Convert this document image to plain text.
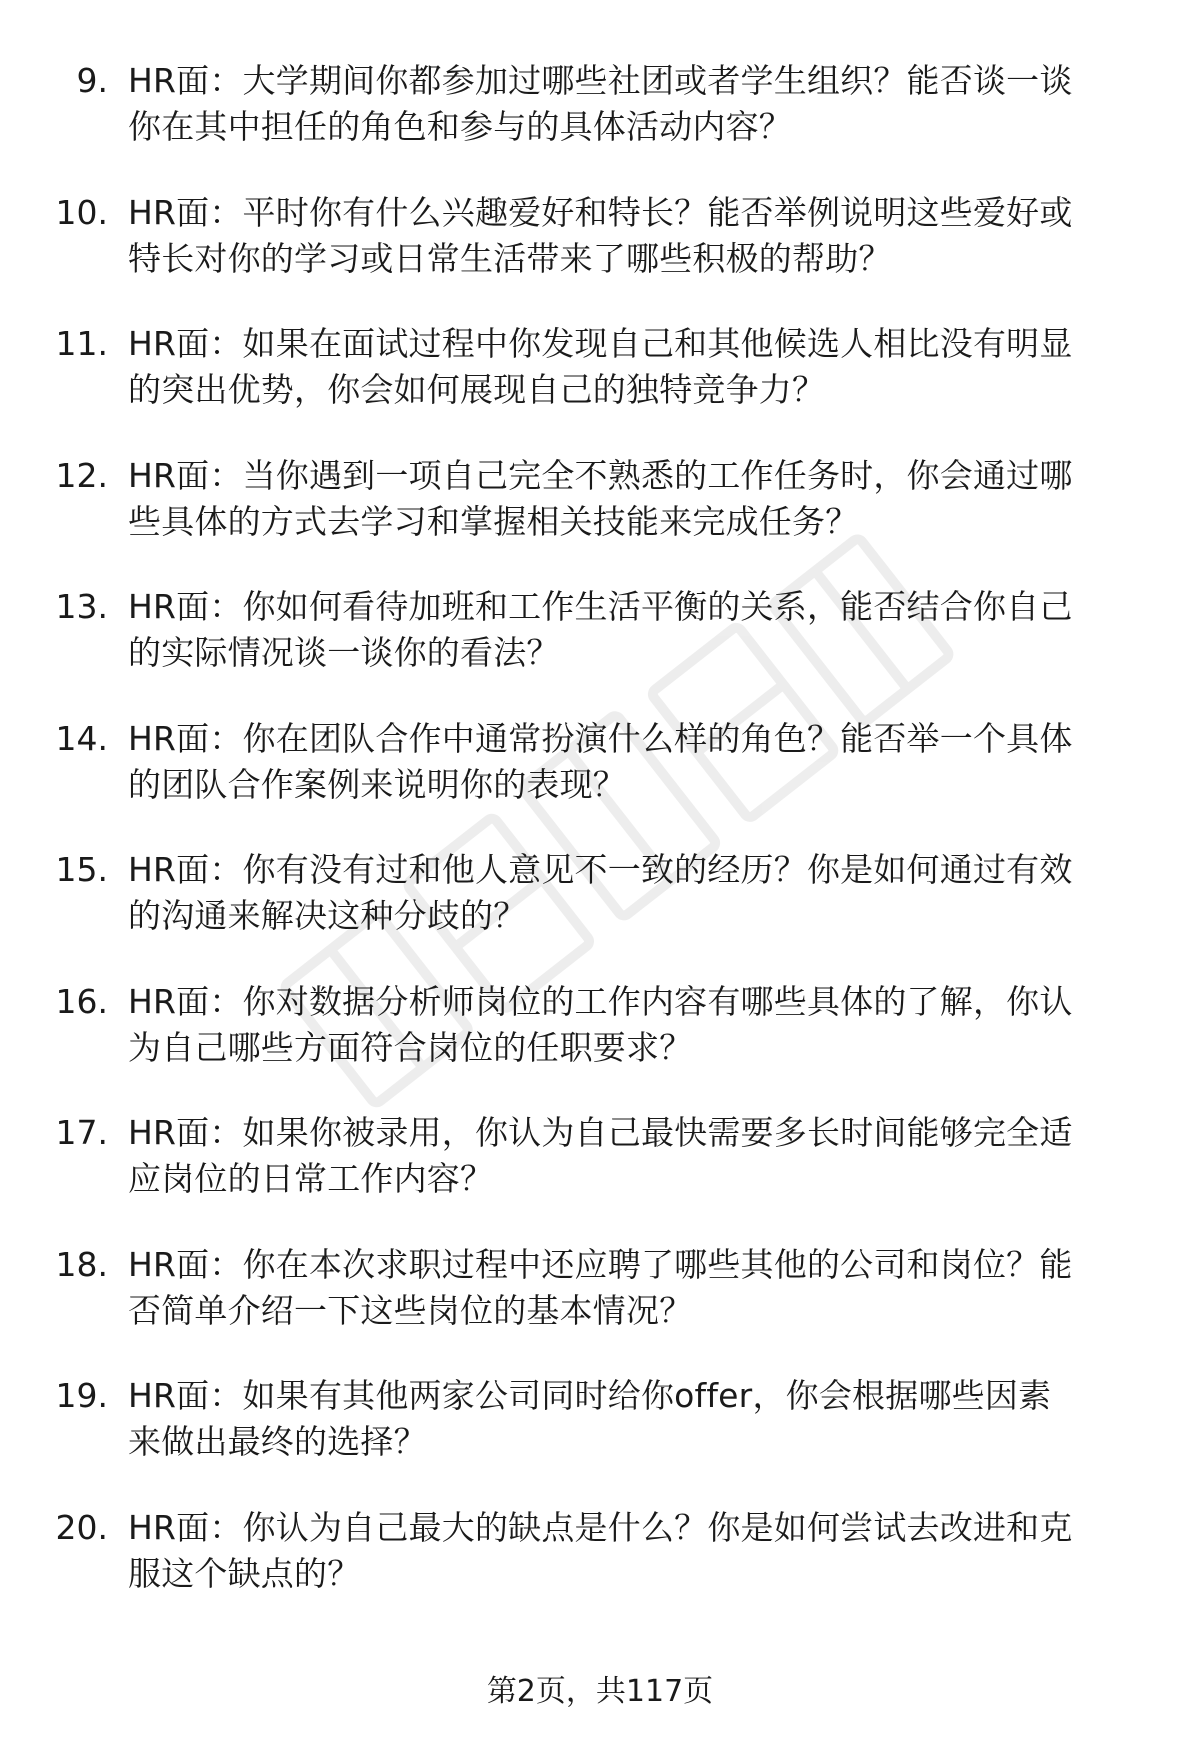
9. HR面：大学期间你都参加过哪些社团或者学生组织？能否谈一谈
你在其中担任的角色和参与的具体活动内容？
10. HR面：平时你有什么兴趣爱好和特长？能否举例说明这些爱好或
特长对你的学习或日常生活带来了哪些积极的帮助？
11. HR面：如果在面试过程中你发现自己和其他候选人相比没有明显
的突出优势，你会如何展现自己的独特竞争力？
12. HR面：当你遇到一项自己完全不熟悉的工作任务时，你会通过哪
些具体的方式去学习和掌握相关技能来完成任务？
13. HR面：你如何看待加班和工作生活平衡的关系，能否结合你自己
的实际情况谈一谈你的看法？
14. HR面：你在团队合作中通常扮演什么样的角色？能否举一个具体
的团队合作案例来说明你的表现？
15. HR面：你有没有过和他人意见不一致的经历？你是如何通过有效
的沟通来解决这种分歧的？
16. HR面：你对数据分析师岗位的工作内容有哪些具体的了解，你认
为自己哪些方面符合岗位的任职要求？
17. HR面：如果你被录用，你认为自己最快需要多长时间能够完全适
应岗位的日常工作内容？
18. HR面：你在本次求职过程中还应聘了哪些其他的公司和岗位？能
否简单介绍一下这些岗位的基本情况？
19. HR面：如果有其他两家公司同时给你offer，你会根据哪些因素
来做出最终的选择？
20. HR面：你认为自己最大的缺点是什么？你是如何尝试去改进和克
服这个缺点的？
第2页，共117页
